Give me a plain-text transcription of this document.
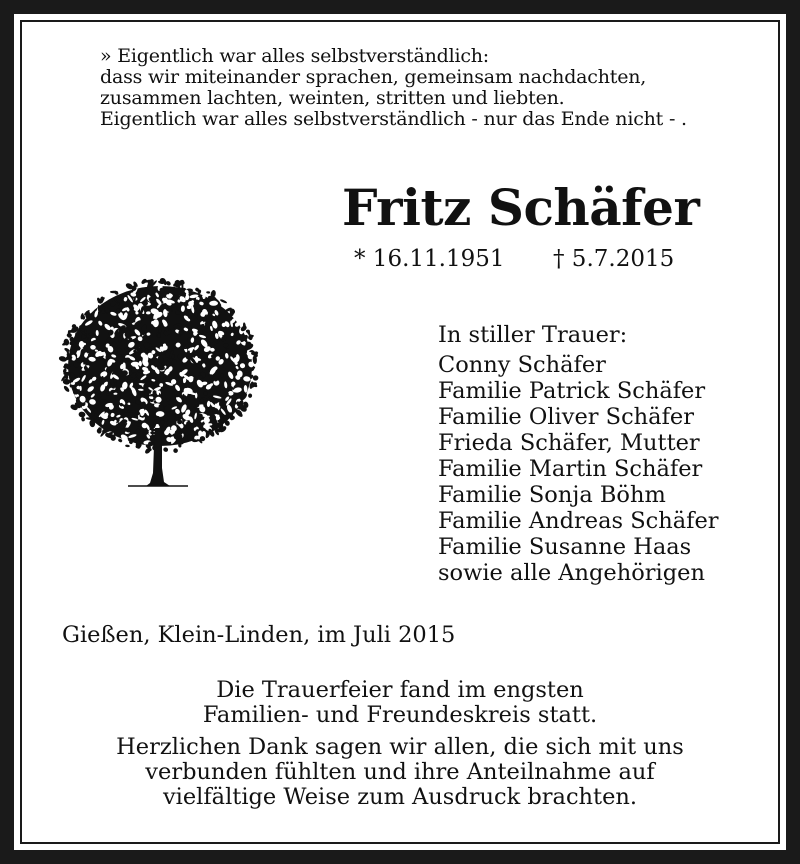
» Eigentlich war alles selbstverständlich:
dass wir miteinander sprachen, gemeinsam nachdachten,
zusammen lachten, weinten, stritten und liebten.
Eigentlich war alles selbstverständlich - nur das Ende nicht - .
Fritz Schäfer
* 16.11.1951 † 5.7.2015
In stiller Trauer:
Conny Schäfer
Familie Patrick Schäfer
Familie Oliver Schäfer
Frieda Schäfer, Mutter
Familie Martin Schäfer
Familie Sonja Böhm
Familie Andreas Schäfer
Familie Susanne Haas
sowie alle Angehörigen
Gießen, Klein-Linden, im Juli 2015
Die Trauerfeier fand im engsten
Familien- und Freundeskreis statt.
Herzlichen Dank sagen wir allen, die sich mit uns
verbunden fühlten und ihre Anteilnahme auf
vielfältige Weise zum Ausdruck brachten.
